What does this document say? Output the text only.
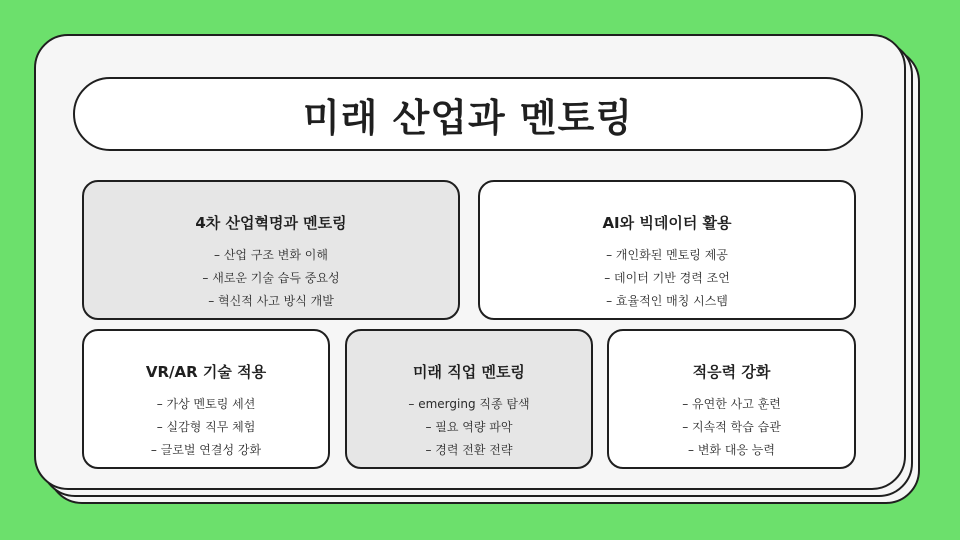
미래 산업과 멘토링
4차 산업혁명과 멘토링
– 산업 구조 변화 이해
– 새로운 기술 습득 중요성
– 혁신적 사고 방식 개발
AI와 빅데이터 활용
– 개인화된 멘토링 제공
– 데이터 기반 경력 조언
– 효율적인 매칭 시스템
VR/AR 기술 적용
– 가상 멘토링 세션
– 실감형 직무 체험
– 글로벌 연결성 강화
미래 직업 멘토링
– emerging 직종 탐색
– 필요 역량 파악
– 경력 전환 전략
적응력 강화
– 유연한 사고 훈련
– 지속적 학습 습관
– 변화 대응 능력
